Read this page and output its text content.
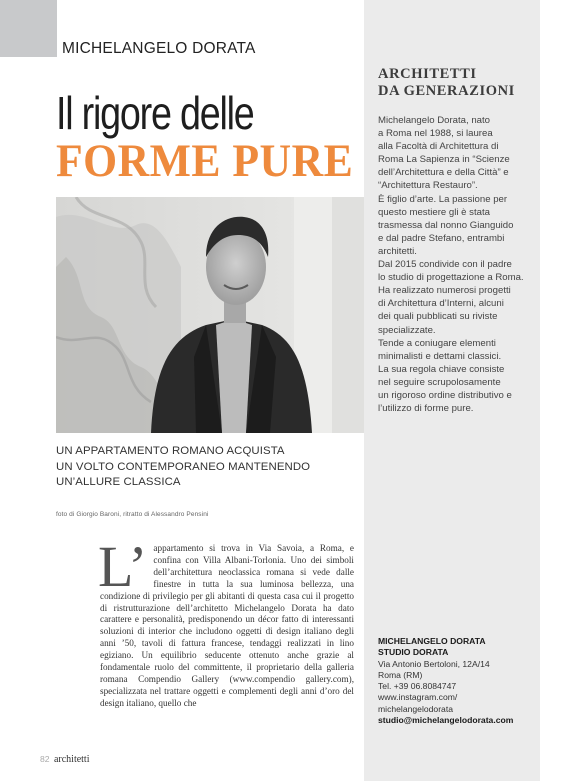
MICHELANGELO DORATA
Il rigore delle
FORME PURE
ARCHITETTI
DA GENERAZIONI

Michelangelo Dorata, nato

a Roma nel 1988, si laurea

alla Facoltà di Architettura di

Roma La Sapienza in “Scienze

dell’Architettura e della Città” e

“Architettura Restauro”.

È figlio d’arte. La passione per

questo mestiere gli è stata

trasmessa dal nonno Gianguido

e dal padre Stefano, entrambi

architetti.

Dal 2015 condivide con il padre

lo studio di progettazione a Roma.

Ha realizzato numerosi progetti

di Architettura d’Interni, alcuni

dei quali pubblicati su riviste

specializzate.

Tende a coniugare elementi

minimalisti e dettami classici.

La sua regola chiave consiste

nel seguire scrupolosamente

un rigoroso ordine distributivo e

l’utilizzo di forme pure.

UN APPARTAMENTO ROMANO ACQUISTA
UN VOLTO CONTEMPORANEO MANTENENDO
UN’ALLURE CLASSICA
foto di Giorgio Baroni, ritratto di Alessandro Pensini
L’ appartamento si trova in Via Savoia, a Roma, e confina con Villa Albani-Torlonia. Uno dei simboli dell’architettura neoclassica romana si vede dalle finestre in tutta la sua luminosa bellezza, una condizione di privilegio per gli abitanti di questa casa cui il progetto di ristrutturazione dell’architetto Michelangelo Dorata ha dato carattere e personalità, predisponendo un décor fatto di interessanti soluzioni di interior che includono oggetti di design italiano degli anni ’50, tavoli di fattura francese, tendaggi realizzati in lino egiziano. Un equilibrio seducente ottenuto anche grazie al fondamentale ruolo del committente, il proprietario della galleria romana Compendio Gallery (www.compendio gallery.com), specializzata nel trattare oggetti e complementi degli anni d’oro del design italiano, quello che
MICHELANGELO DORATA
STUDIO DORATA
Via Antonio Bertoloni, 12A/14
Roma (RM)
Tel. +39 06.8084747
www.instagram.com/
michelangelodorata
studio@michelangelodorata.com
82 architetti
